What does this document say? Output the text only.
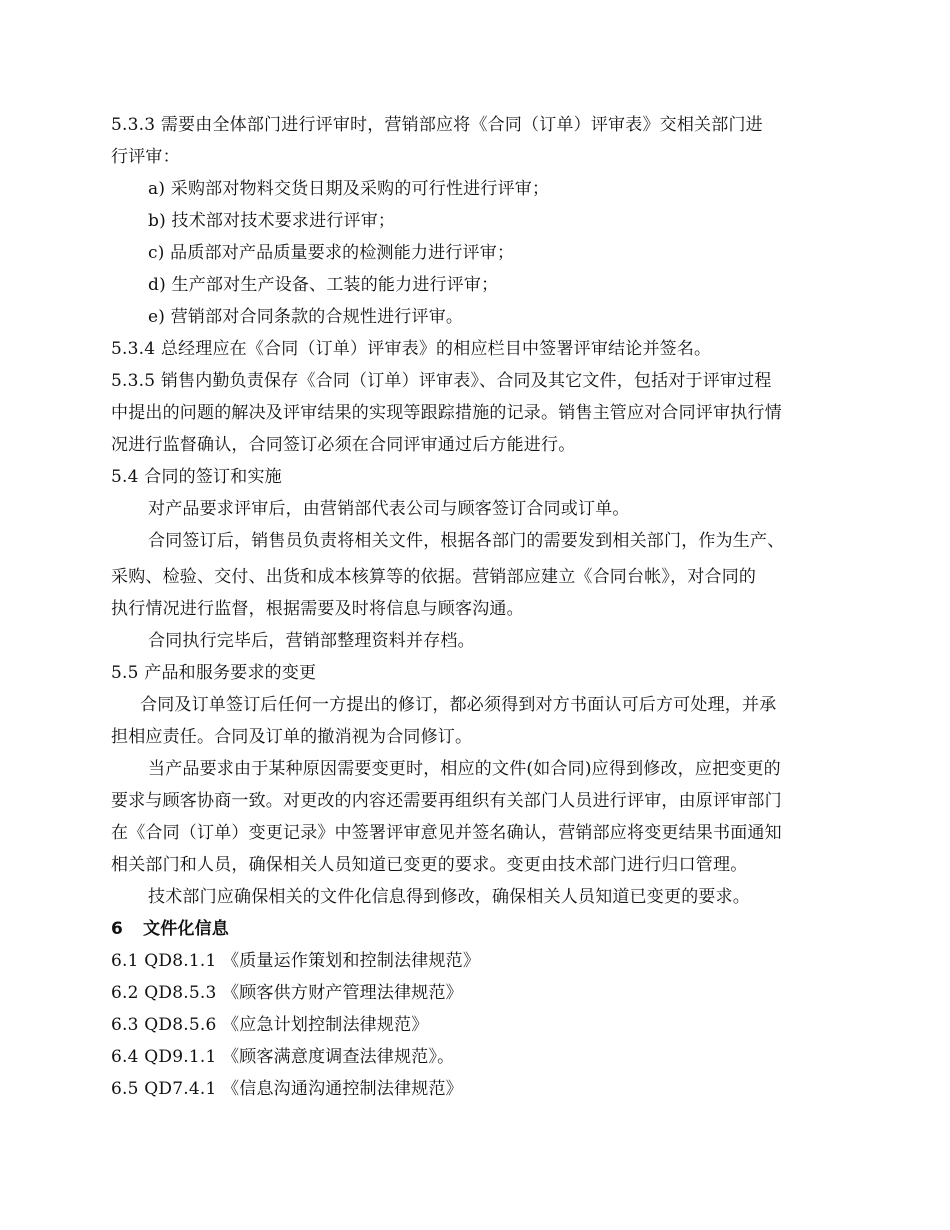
5.3.3 需要由全体部门进行评审时，营销部应将《合同（订单）评审表》交相关部门进
行评审：
a) 采购部对物料交货日期及采购的可行性进行评审；
b) 技术部对技术要求进行评审；
c) 品质部对产品质量要求的检测能力进行评审；
d) 生产部对生产设备、工装的能力进行评审；
e) 营销部对合同条款的合规性进行评审。
5.3.4 总经理应在《合同（订单）评审表》的相应栏目中签署评审结论并签名。
5.3.5 销售内勤负责保存《合同（订单）评审表》、合同及其它文件，包括对于评审过程
中提出的问题的解决及评审结果的实现等跟踪措施的记录。销售主管应对合同评审执行情
况进行监督确认，合同签订必须在合同评审通过后方能进行。
5.4 合同的签订和实施
对产品要求评审后，由营销部代表公司与顾客签订合同或订单。
合同签订后，销售员负责将相关文件，根据各部门的需要发到相关部门，作为生产、
采购、检验、交付、出货和成本核算等的依据。营销部应建立《合同台帐》，对合同的
执行情况进行监督，根据需要及时将信息与顾客沟通。
合同执行完毕后，营销部整理资料并存档。
5.5 产品和服务要求的变更
合同及订单签订后任何一方提出的修订，都必须得到对方书面认可后方可处理，并承
担相应责任。合同及订单的撤消视为合同修订。
当产品要求由于某种原因需要变更时，相应的文件(如合同)应得到修改，应把变更的
要求与顾客协商一致。对更改的内容还需要再组织有关部门人员进行评审，由原评审部门
在《合同（订单）变更记录》中签署评审意见并签名确认，营销部应将变更结果书面通知
相关部门和人员，确保相关人员知道已变更的要求。变更由技术部门进行归口管理。
技术部门应确保相关的文件化信息得到修改，确保相关人员知道已变更的要求。
6 文件化信息
6.1 QD8.1.1 《质量运作策划和控制法律规范》
6.2 QD8.5.3 《顾客供方财产管理法律规范》
6.3 QD8.5.6 《应急计划控制法律规范》
6.4 QD9.1.1 《顾客满意度调查法律规范》。
6.5 QD7.4.1 《信息沟通沟通控制法律规范》
